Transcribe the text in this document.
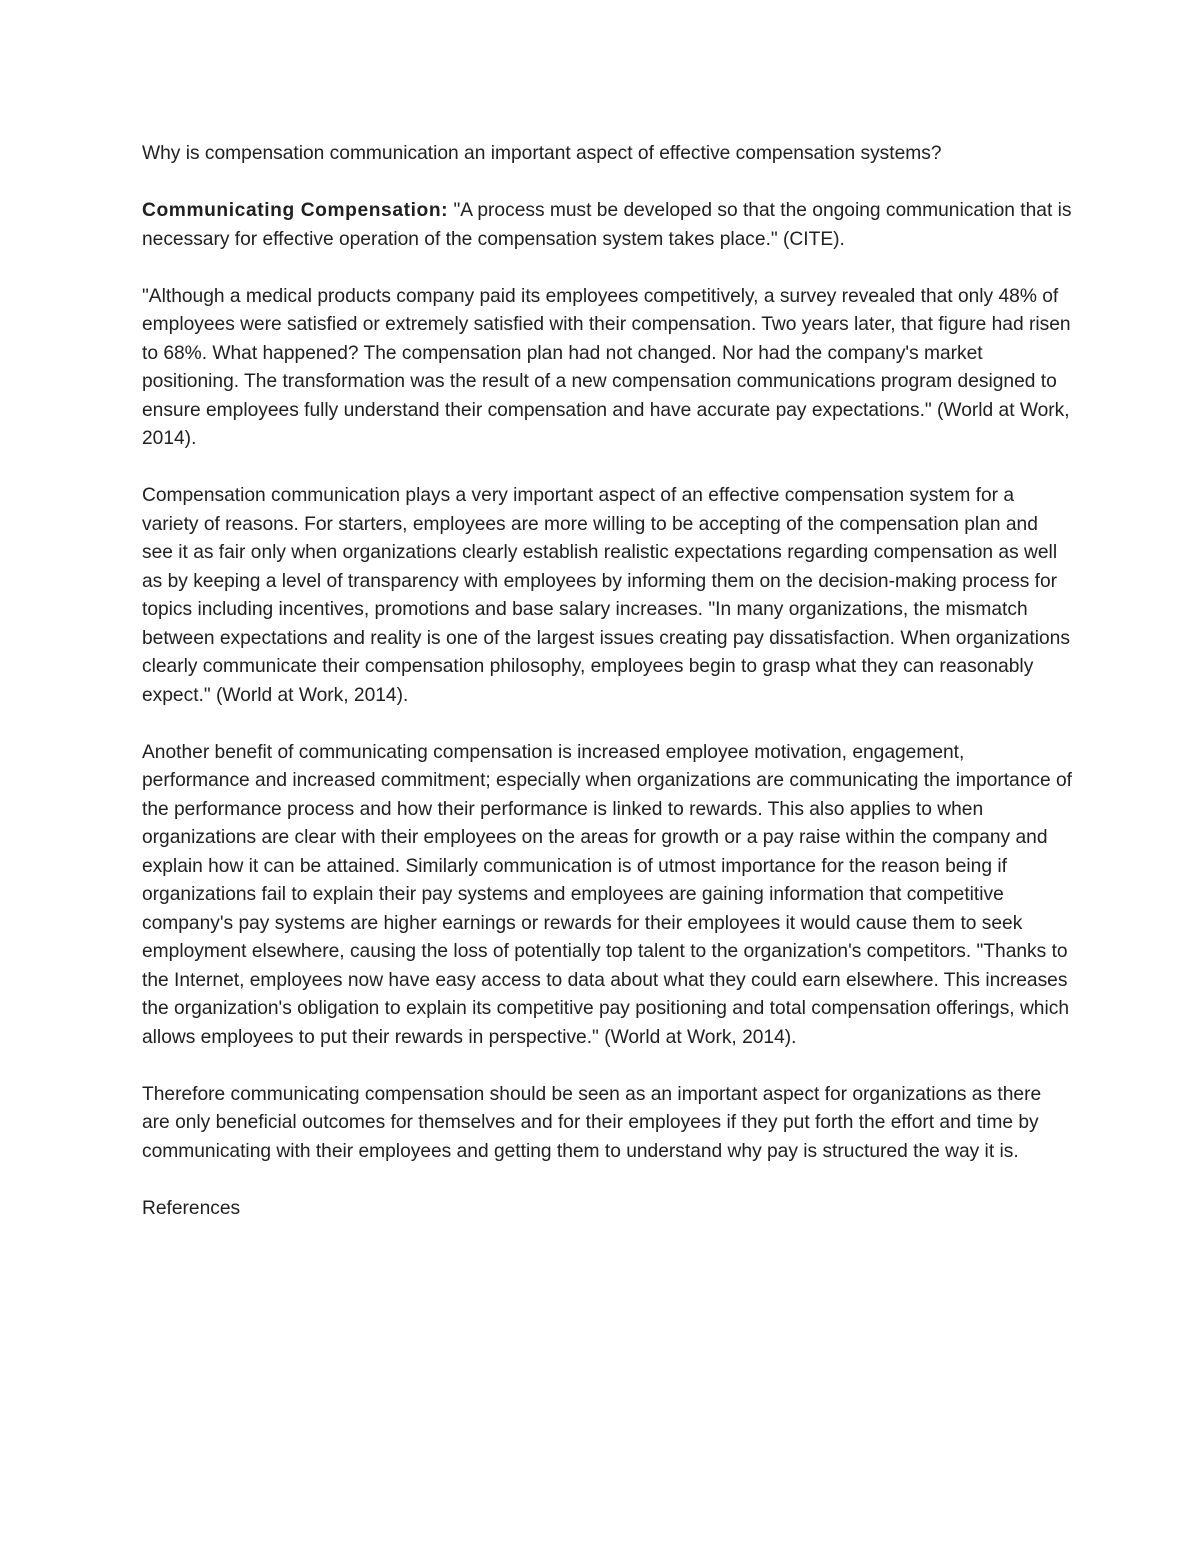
Why is compensation communication an important aspect of effective compensation systems?

Communicating Compensation: "A process must be developed so that the ongoing communication that is necessary for effective operation of the compensation system takes place." (CITE).

"Although a medical products company paid its employees competitively, a survey revealed that only 48% of employees were satisfied or extremely satisfied with their compensation. Two years later, that figure had risen to 68%. What happened? The compensation plan had not changed. Nor had the company's market positioning. The transformation was the result of a new compensation communications program designed to ensure employees fully understand their compensation and have accurate pay expectations." (World at Work, 2014).

Compensation communication plays a very important aspect of an effective compensation system for a variety of reasons. For starters, employees are more willing to be accepting of the compensation plan and see it as fair only when organizations clearly establish realistic expectations regarding compensation as well as by keeping a level of transparency with employees by informing them on the decision-making process for topics including incentives, promotions and base salary increases. "In many organizations, the mismatch between expectations and reality is one of the largest issues creating pay dissatisfaction. When organizations clearly communicate their compensation philosophy, employees begin to grasp what they can reasonably expect." (World at Work, 2014).

Another benefit of communicating compensation is increased employee motivation, engagement, performance and increased commitment; especially when organizations are communicating the importance of the performance process and how their performance is linked to rewards. This also applies to when organizations are clear with their employees on the areas for growth or a pay raise within the company and explain how it can be attained. Similarly communication is of utmost importance for the reason being if organizations fail to explain their pay systems and employees are gaining information that competitive company's pay systems are higher earnings or rewards for their employees it would cause them to seek employment elsewhere, causing the loss of potentially top talent to the organization's competitors. "Thanks to the Internet, employees now have easy access to data about what they could earn elsewhere. This increases the organization's obligation to explain its competitive pay positioning and total compensation offerings, which allows employees to put their rewards in perspective." (World at Work, 2014).

Therefore communicating compensation should be seen as an important aspect for organizations as there are only beneficial outcomes for themselves and for their employees if they put forth the effort and time by communicating with their employees and getting them to understand why pay is structured the way it is.

References
